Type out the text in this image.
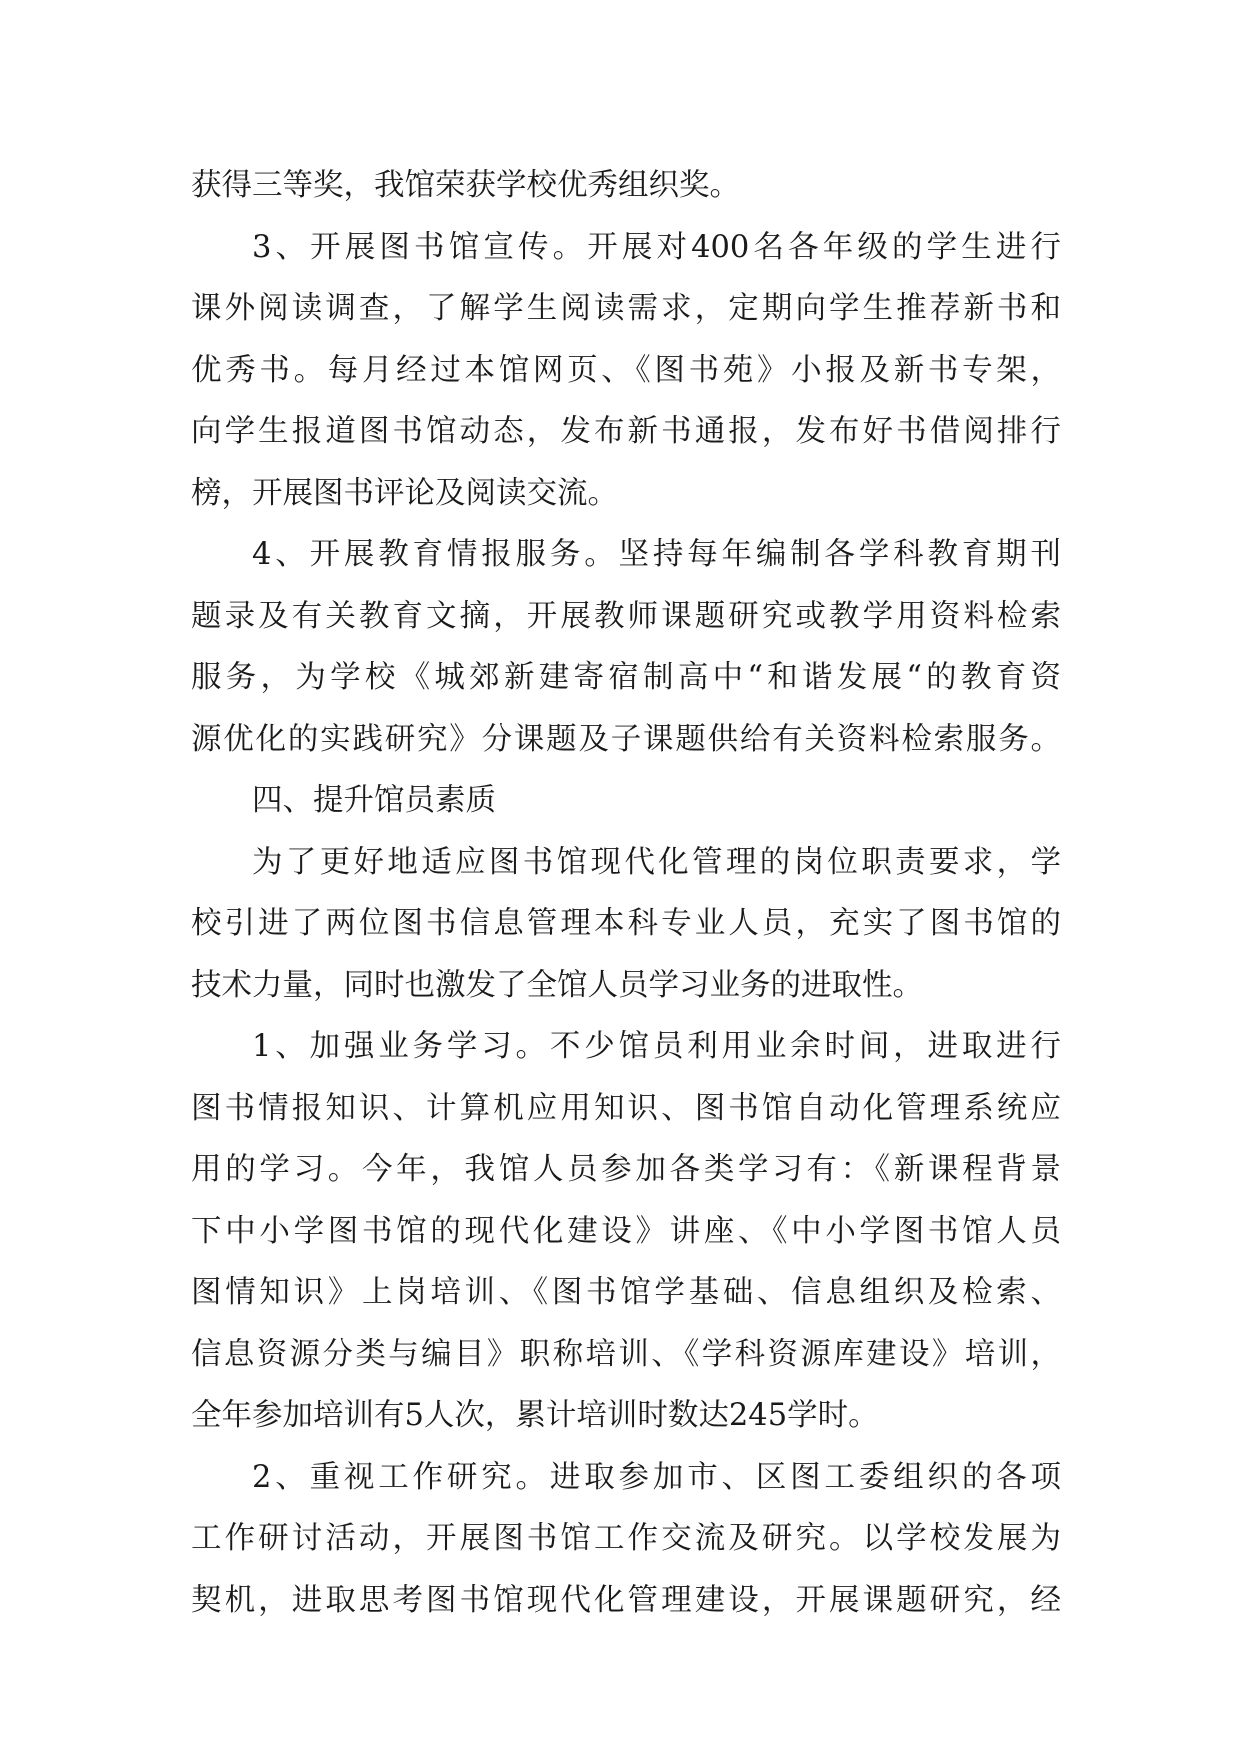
获得三等奖，我馆荣获学校优秀组织奖。
3、开展图书馆宣传。开展对400名各年级的学生进行
课外阅读调查，了解学生阅读需求，定期向学生推荐新书和
优秀书。每月经过本馆网页、《图书苑》小报及新书专架，
向学生报道图书馆动态，发布新书通报，发布好书借阅排行
榜，开展图书评论及阅读交流。
4、开展教育情报服务。坚持每年编制各学科教育期刊
题录及有关教育文摘，开展教师课题研究或教学用资料检索
服务，为学校《城郊新建寄宿制高中“和谐发展“的教育资
源优化的实践研究》分课题及子课题供给有关资料检索服务。
四、提升馆员素质
为了更好地适应图书馆现代化管理的岗位职责要求，学
校引进了两位图书信息管理本科专业人员，充实了图书馆的
技术力量，同时也激发了全馆人员学习业务的进取性。
1、加强业务学习。不少馆员利用业余时间，进取进行
图书情报知识、计算机应用知识、图书馆自动化管理系统应
用的学习。今年，我馆人员参加各类学习有：《新课程背景
下中小学图书馆的现代化建设》讲座、《中小学图书馆人员
图情知识》上岗培训、《图书馆学基础、信息组织及检索、
信息资源分类与编目》职称培训、《学科资源库建设》培训，
全年参加培训有5人次，累计培训时数达245学时。
2、重视工作研究。进取参加市、区图工委组织的各项
工作研讨活动，开展图书馆工作交流及研究。以学校发展为
契机，进取思考图书馆现代化管理建设，开展课题研究，经
